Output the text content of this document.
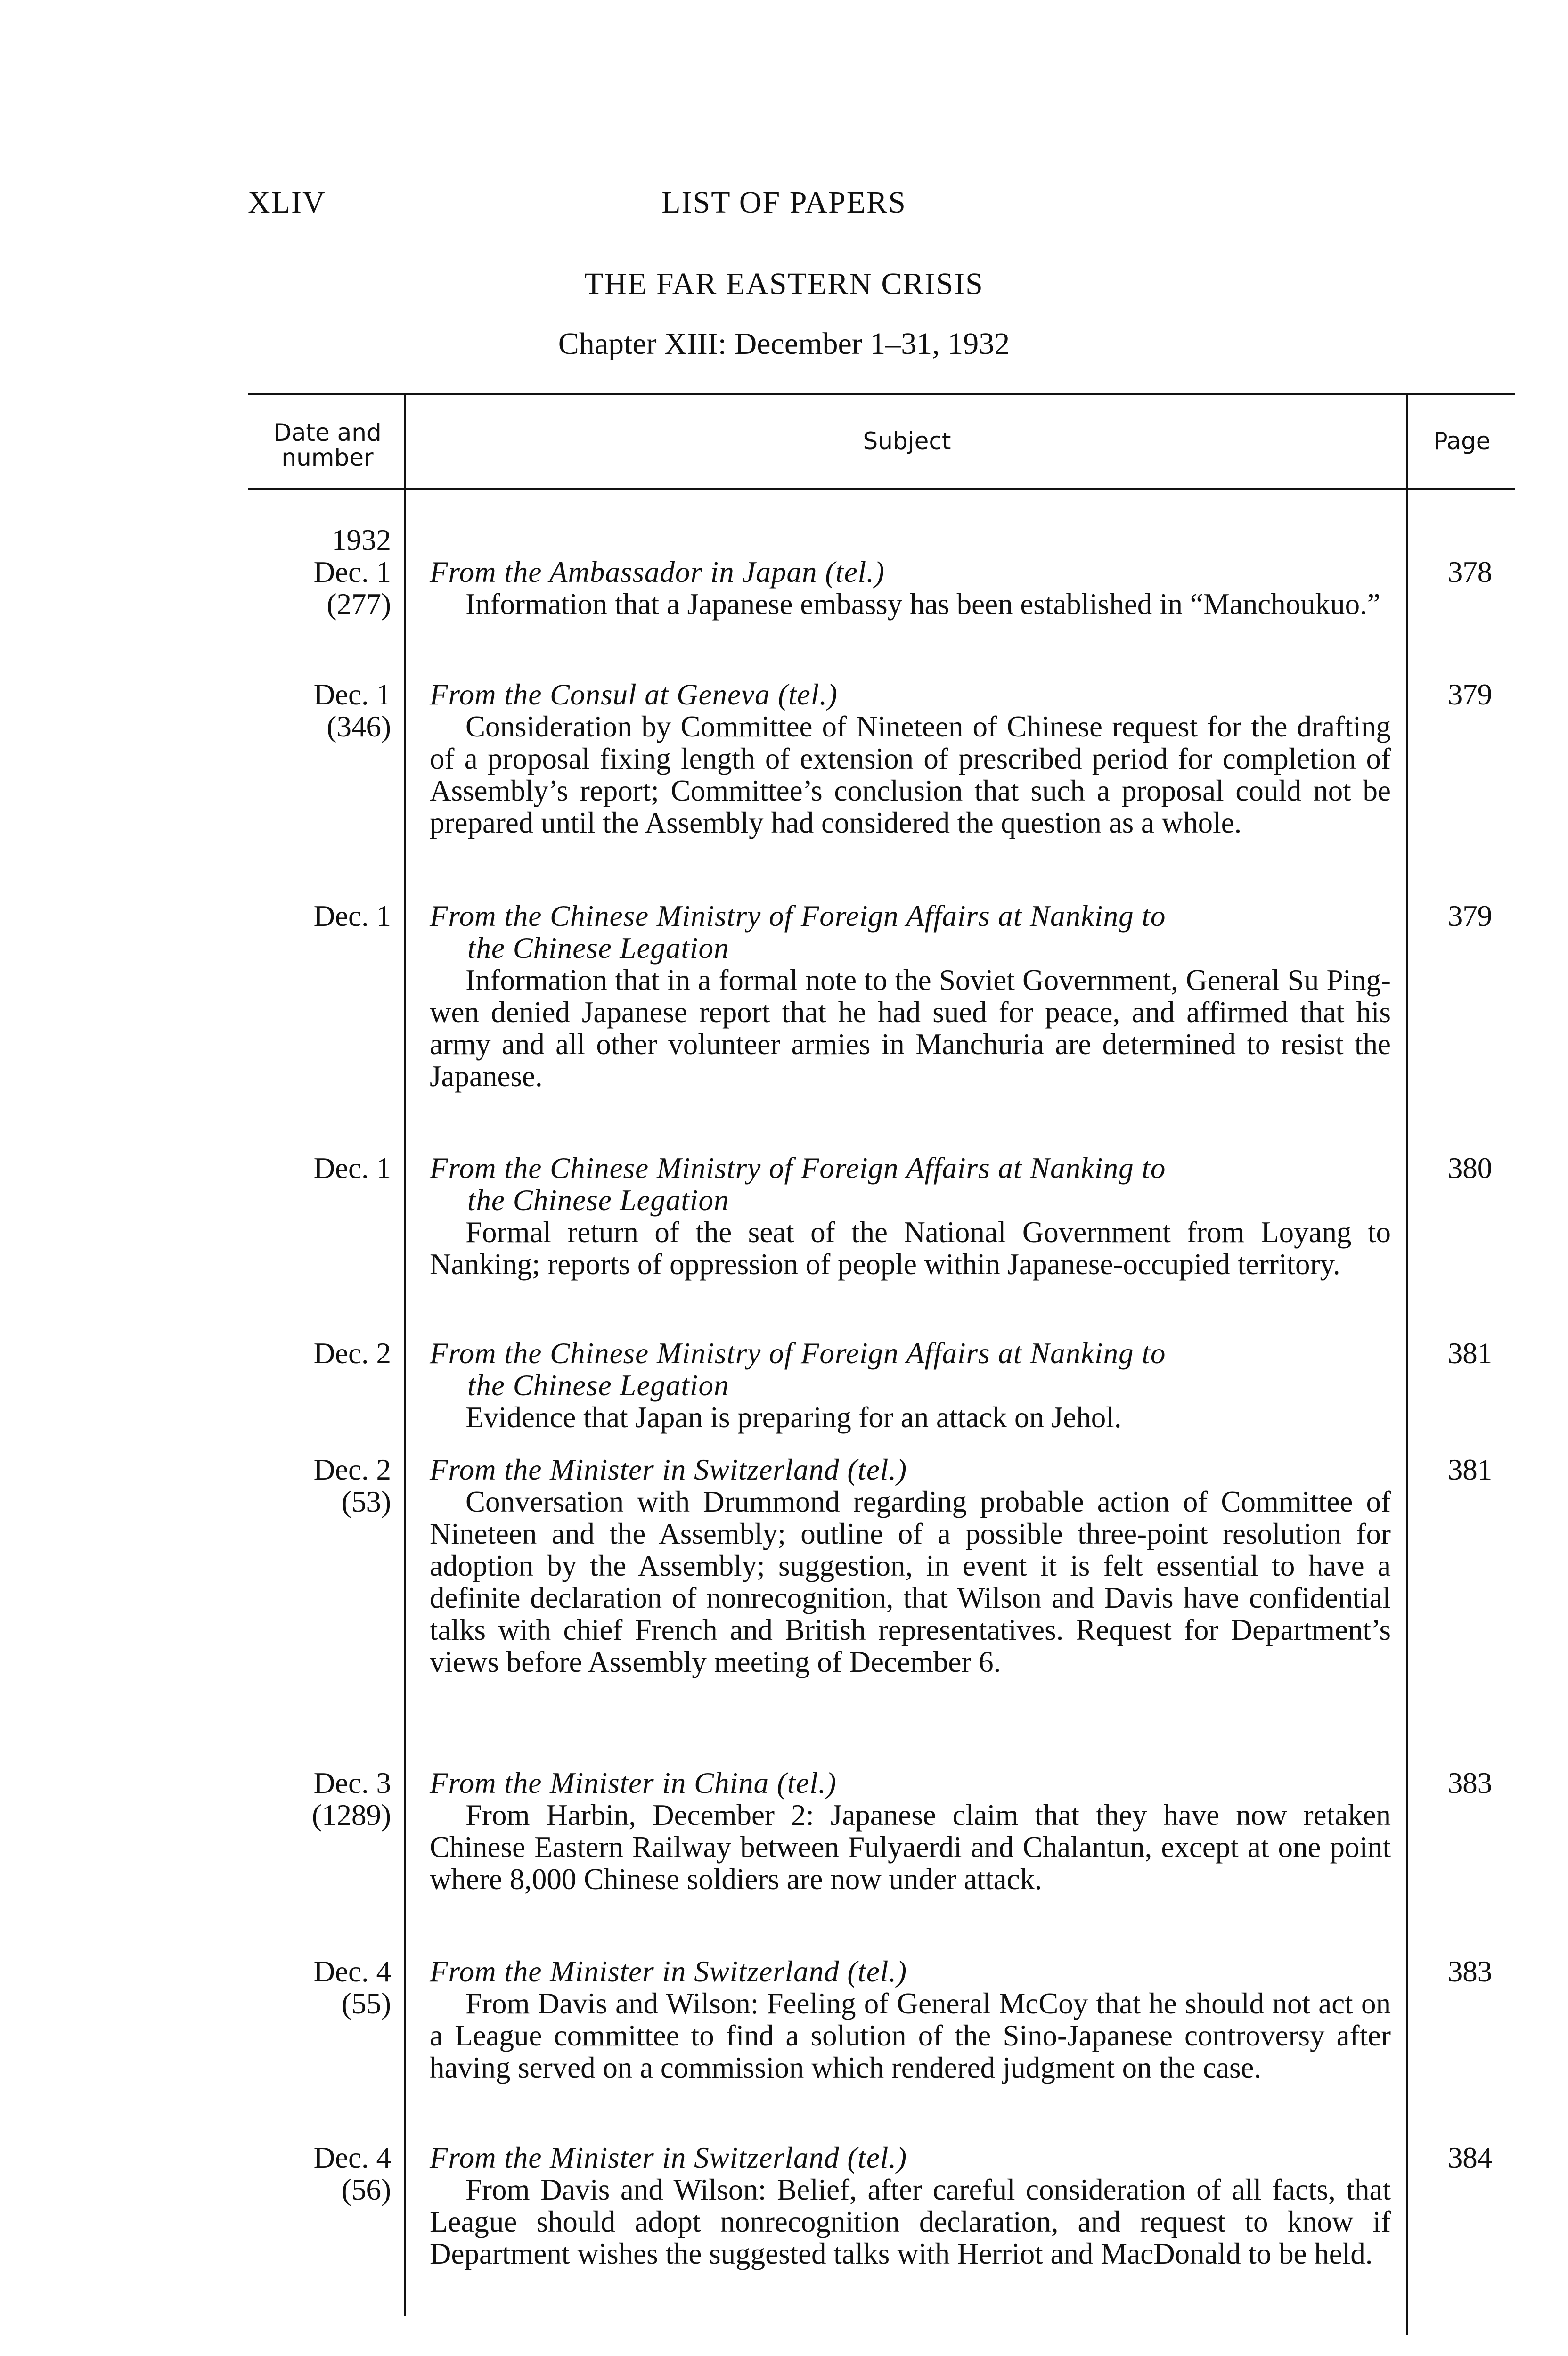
XLIV	LIST OF PAPERS
THE FAR EASTERN CRISIS
Chapter XIII: December 1–31, 1932
Date and number
Subject	Page
1932
Dec. 1
(277)
From the Ambassador in Japan (tel.)
Information that a Japanese embassy has been established in “Manchoukuo.”
378
Dec. 1
(346)
From the Consul at Geneva (tel.)
Consideration by Committee of Nineteen of Chinese request for the drafting of a proposal fixing length of extension of prescribed period for completion of Assembly’s report; Committee’s conclusion that such a proposal could not be prepared until the Assembly had considered the question as a whole.
379
Dec. 1 From the Chinese Ministry of Foreign Affairs at Nanking to
the Chinese Legation
Information that in a formal note to the Soviet Government, General Su Ping-wen denied Japanese report that he had sued for peace, and affirmed that his army and all other volunteer armies in Manchuria are determined to resist the Japanese.
379
Dec. 1 From the Chinese Ministry of Foreign Affairs at Nanking to
the Chinese Legation
Formal return of the seat of the National Government from Loyang to Nanking; reports of oppression of people within Japanese-occupied territory.
380
Dec. 2 From the Chinese Ministry of Foreign Affairs at Nanking to
the Chinese Legation
Evidence that Japan is preparing for an attack on Jehol.
381
Dec. 2
(53)
From the Minister in Switzerland (tel.)
Conversation with Drummond regarding probable action of Committee of Nineteen and the Assembly; outline of a possible three-point resolution for adoption by the Assembly; suggestion, in event it is felt essential to have a definite declaration of nonrecognition, that Wilson and Davis have confidential talks with chief French and British representatives. Request for Department’s views before Assembly meeting of December 6.
381
Dec. 3
(1289)
From the Minister in China (tel.)
From Harbin, December 2: Japanese claim that they have now retaken Chinese Eastern Railway between Fulyaerdi and Chalantun, except at one point where 8,000 Chinese soldiers are now under attack.
383
Dec. 4
(55)
From the Minister in Switzerland (tel.)
From Davis and Wilson: Feeling of General McCoy that he should not act on a League committee to find a solution of the Sino-Japanese controversy after having served on a commission which rendered judgment on the case.
383
Dec. 4
(56)
From the Minister in Switzerland (tel.)
From Davis and Wilson: Belief, after careful consideration of all facts, that League should adopt nonrecognition declaration, and request to know if Department wishes the suggested talks with Herriot and MacDonald to be held.
384
